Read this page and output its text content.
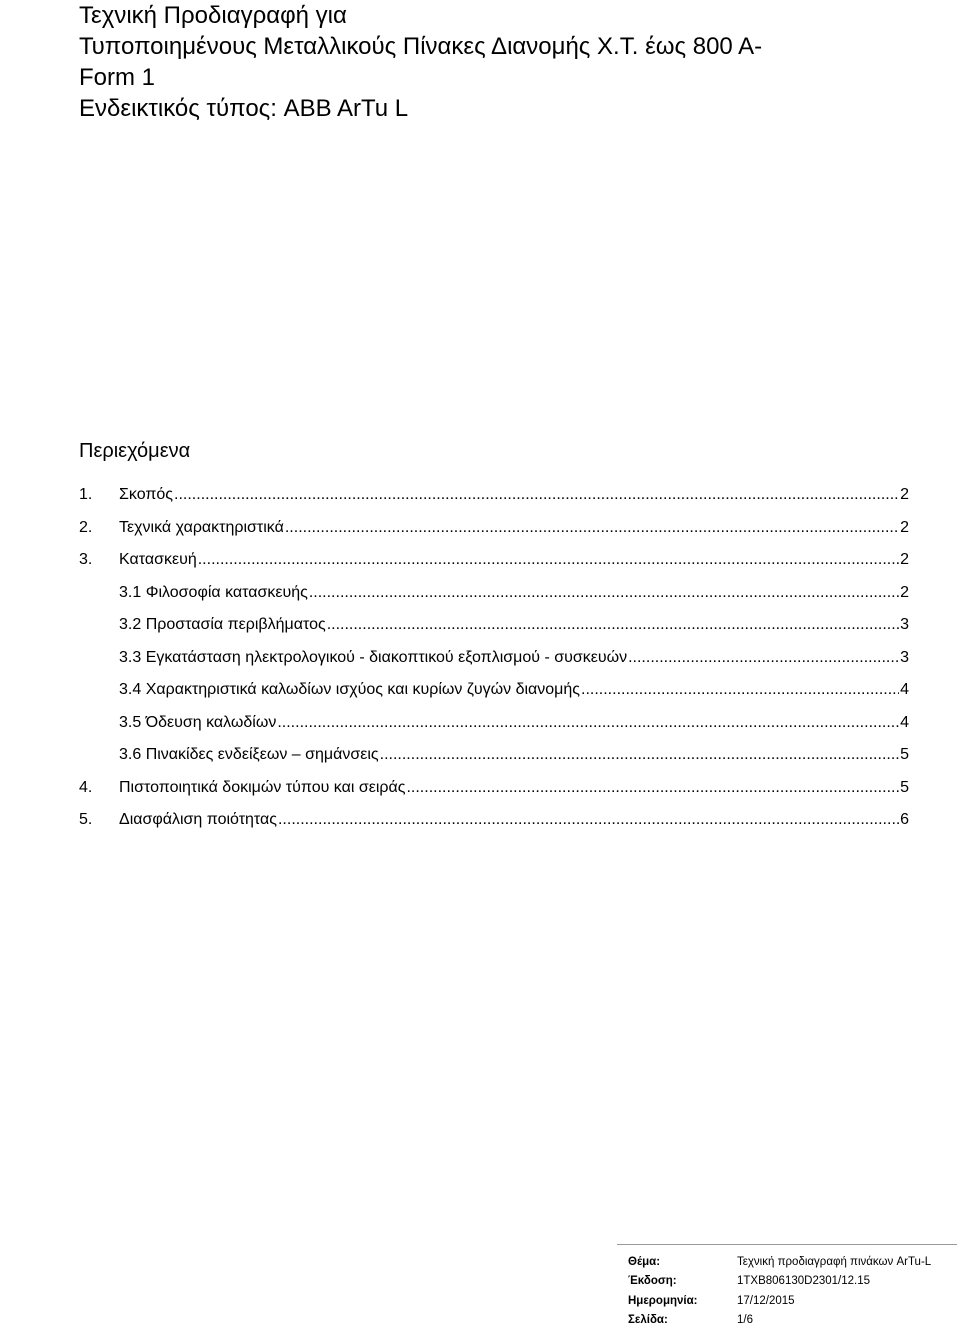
Τεχνική Προδιαγραφή για
Τυποποιημένους Μεταλλικούς Πίνακες Διανομής Χ.Τ. έως 800 Α-
Form 1
Ενδεικτικός τύπος: ABB ArTu L
Περιεχόμενα
1.	Σκοπός .....	2
2.	Τεχνικά χαρακτηριστικά .....	2
3.	Κατασκευή .....	2
3.1 Φιλοσοφία κατασκευής .....	2
3.2 Προστασία περιβλήματος .....	3
3.3 Εγκατάσταση ηλεκτρολογικού - διακοπτικού εξοπλισμού - συσκευών .....	3
3.4 Χαρακτηριστικά καλωδίων ισχύος και κυρίων ζυγών διανομής .....	4
3.5 Όδευση καλωδίων .....	4
3.6 Πινακίδες ενδείξεων – σημάνσεις .....	5
4.	Πιστοποιητικά δοκιμών τύπου και σειράς .....	5
5.	Διασφάλιση ποιότητας .....	6
Θέμα:	Τεχνική προδιαγραφή πινάκων ArTu-L
Έκδοση:	1TXB806130D2301/12.15
Ημερομηνία:	17/12/2015
Σελίδα:	1/6
